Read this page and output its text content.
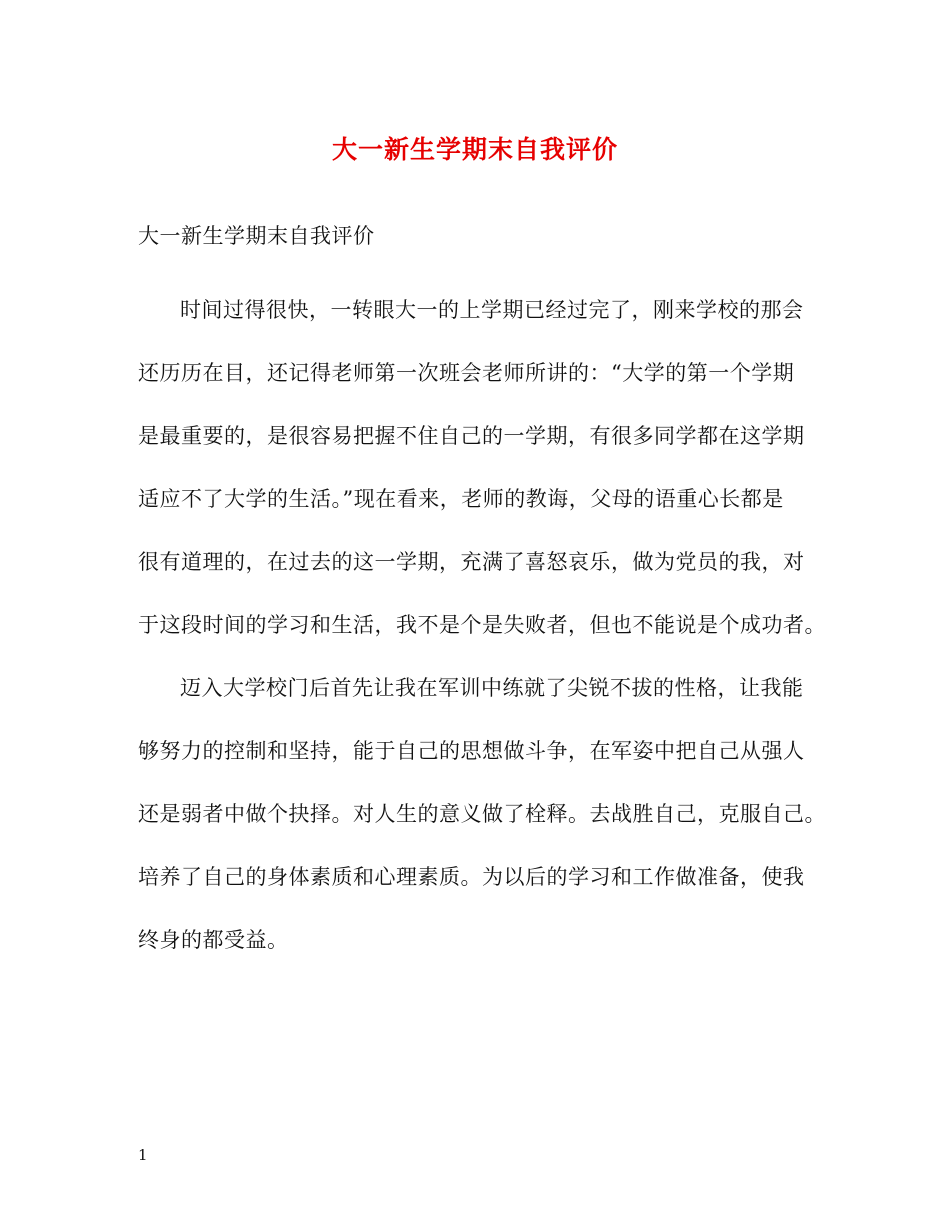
大一新生学期末自我评价
大一新生学期末自我评价
时间过得很快，一转眼大一的上学期已经过完了，刚来学校的那会
还历历在目，还记得老师第一次班会老师所讲的：“大学的第一个学期
是最重要的，是很容易把握不住自己的一学期，有很多同学都在这学期
适应不了大学的生活。”现在看来，老师的教诲，父母的语重心长都是
很有道理的，在过去的这一学期，充满了喜怒哀乐，做为党员的我，对
于这段时间的学习和生活，我不是个是失败者，但也不能说是个成功者。
迈入大学校门后首先让我在军训中练就了尖锐不拔的性格，让我能
够努力的控制和坚持，能于自己的思想做斗争，在军姿中把自己从强人
还是弱者中做个抉择。对人生的意义做了栓释。去战胜自己，克服自己。
培养了自己的身体素质和心理素质。为以后的学习和工作做准备，使我
终身的都受益。
1
